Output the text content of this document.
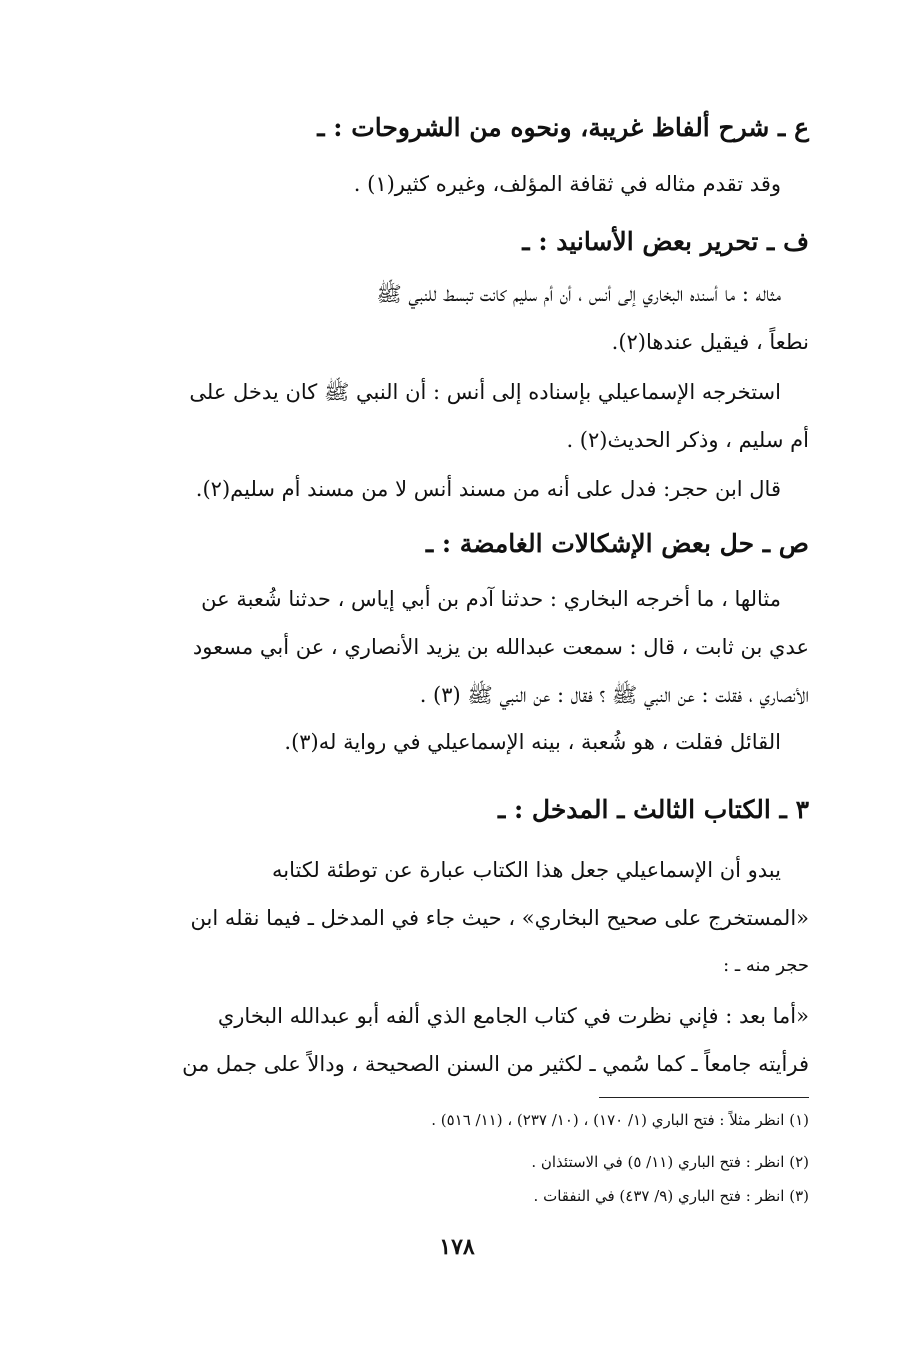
ع ـ شرح ألفاظ غريبة، ونحوه من الشروحات : ـ
وقد تقدم مثاله في ثقافة المؤلف، وغيره كثير(١) .
ف ـ تحرير بعض الأسانيد : ـ
مثاله : ما أسنده البخاري إلى أنس ، أن أم سليم كانت تبسط للنبي ﷺ
نطعاً ، فيقيل عندها(٢).
استخرجه الإسماعيلي بإسناده إلى أنس : أن النبي ﷺ كان يدخل على
أم سليم ، وذكر الحديث(٢) .
قال ابن حجر: فدل على أنه من مسند أنس لا من مسند أم سليم(٢).
ص ـ حل بعض الإشكالات الغامضة : ـ
مثالها ، ما أخرجه البخاري : حدثنا آدم بن أبي إياس ، حدثنا شُعبة عن
عدي بن ثابت ، قال : سمعت عبدالله بن يزيد الأنصاري ، عن أبي مسعود
الأنصاري ، فقلت : عن النبي ﷺ ؟ فقال : عن النبي ﷺ (٣) .
القائل فقلت ، هو شُعبة ، بينه الإسماعيلي في رواية له(٣).
٣ ـ الكتاب الثالث ـ المدخل : ـ
يبدو أن الإسماعيلي جعل هذا الكتاب عبارة عن توطئة لكتابه
«المستخرج على صحيح البخاري» ، حيث جاء في المدخل ـ فيما نقله ابن
حجر منه ـ :
«أما بعد : فإني نظرت في كتاب الجامع الذي ألفه أبو عبدالله البخاري
فرأيته جامعاً ـ كما سُمي ـ لكثير من السنن الصحيحة ، ودالاً على جمل من
(١) انظر مثلاً : فتح الباري (١/ ١٧٠) ، (١٠/ ٢٣٧) ، (١١/ ٥١٦) .
(٢) انظر : فتح الباري (١١/ ٥) في الاستئذان .
(٣) انظر : فتح الباري (٩/ ٤٣٧) في النفقات .
١٧٨
